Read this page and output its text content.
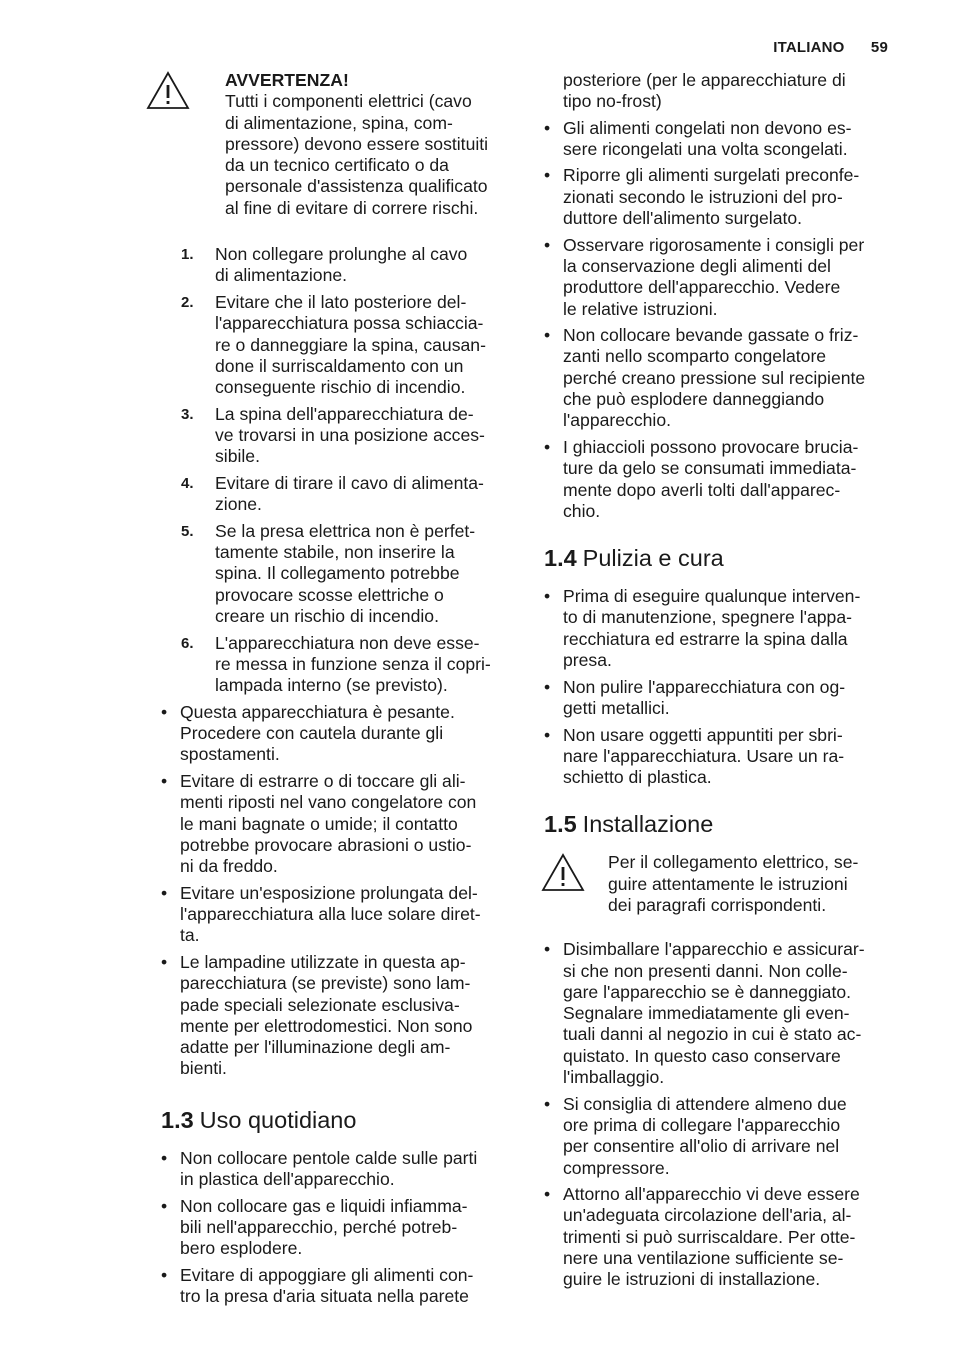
ITALIANO 59
AVVERTENZA!
Tutti i componenti elettrici (cavo
di alimentazione, spina, com-
pressore) devono essere sostituiti
da un tecnico certificato o da
personale d'assistenza qualificato
al fine di evitare di correre rischi.
1. Non collegare prolunghe al cavo
di alimentazione.
2. Evitare che il lato posteriore del-
l'apparecchiatura possa schiaccia-
re o danneggiare la spina, causan-
done il surriscaldamento con un
conseguente rischio di incendio.
3. La spina dell'apparecchiatura de-
ve trovarsi in una posizione acces-
sibile.
4. Evitare di tirare il cavo di alimenta-
zione.
5. Se la presa elettrica non è perfet-
tamente stabile, non inserire la
spina. Il collegamento potrebbe
provocare scosse elettriche o
creare un rischio di incendio.
6. L'apparecchiatura non deve esse-
re messa in funzione senza il copri-
lampada interno (se previsto).
• Questa apparecchiatura è pesante.
Procedere con cautela durante gli
spostamenti.
• Evitare di estrarre o di toccare gli ali-
menti riposti nel vano congelatore con
le mani bagnate o umide; il contatto
potrebbe provocare abrasioni o ustio-
ni da freddo.
• Evitare un'esposizione prolungata del-
l'apparecchiatura alla luce solare diret-
ta.
• Le lampadine utilizzate in questa ap-
parecchiatura (se previste) sono lam-
pade speciali selezionate esclusiva-
mente per elettrodomestici. Non sono
adatte per l'illuminazione degli am-
bienti.
1.3 Uso quotidiano
• Non collocare pentole calde sulle parti
in plastica dell'apparecchio.
• Non collocare gas e liquidi infiamma-
bili nell'apparecchio, perché potreb-
bero esplodere.
• Evitare di appoggiare gli alimenti con-
tro la presa d'aria situata nella parete
posteriore (per le apparecchiature di
tipo no-frost)
• Gli alimenti congelati non devono es-
sere ricongelati una volta scongelati.
• Riporre gli alimenti surgelati preconfe-
zionati secondo le istruzioni del pro-
duttore dell'alimento surgelato.
• Osservare rigorosamente i consigli per
la conservazione degli alimenti del
produttore dell'apparecchio. Vedere
le relative istruzioni.
• Non collocare bevande gassate o friz-
zanti nello scomparto congelatore
perché creano pressione sul recipiente
che può esplodere danneggiando
l'apparecchio.
• I ghiaccioli possono provocare brucia-
ture da gelo se consumati immediata-
mente dopo averli tolti dall'apparec-
chio.
1.4 Pulizia e cura
• Prima di eseguire qualunque interven-
to di manutenzione, spegnere l'appa-
recchiatura ed estrarre la spina dalla
presa.
• Non pulire l'apparecchiatura con og-
getti metallici.
• Non usare oggetti appuntiti per sbri-
nare l'apparecchiatura. Usare un ra-
schietto di plastica.
1.5 Installazione
Per il collegamento elettrico, se-
guire attentamente le istruzioni
dei paragrafi corrispondenti.
• Disimballare l'apparecchio e assicurar-
si che non presenti danni. Non colle-
gare l'apparecchio se è danneggiato.
Segnalare immediatamente gli even-
tuali danni al negozio in cui è stato ac-
quistato. In questo caso conservare
l'imballaggio.
• Si consiglia di attendere almeno due
ore prima di collegare l'apparecchio
per consentire all'olio di arrivare nel
compressore.
• Attorno all'apparecchio vi deve essere
un'adeguata circolazione dell'aria, al-
trimenti si può surriscaldare. Per otte-
nere una ventilazione sufficiente se-
guire le istruzioni di installazione.
